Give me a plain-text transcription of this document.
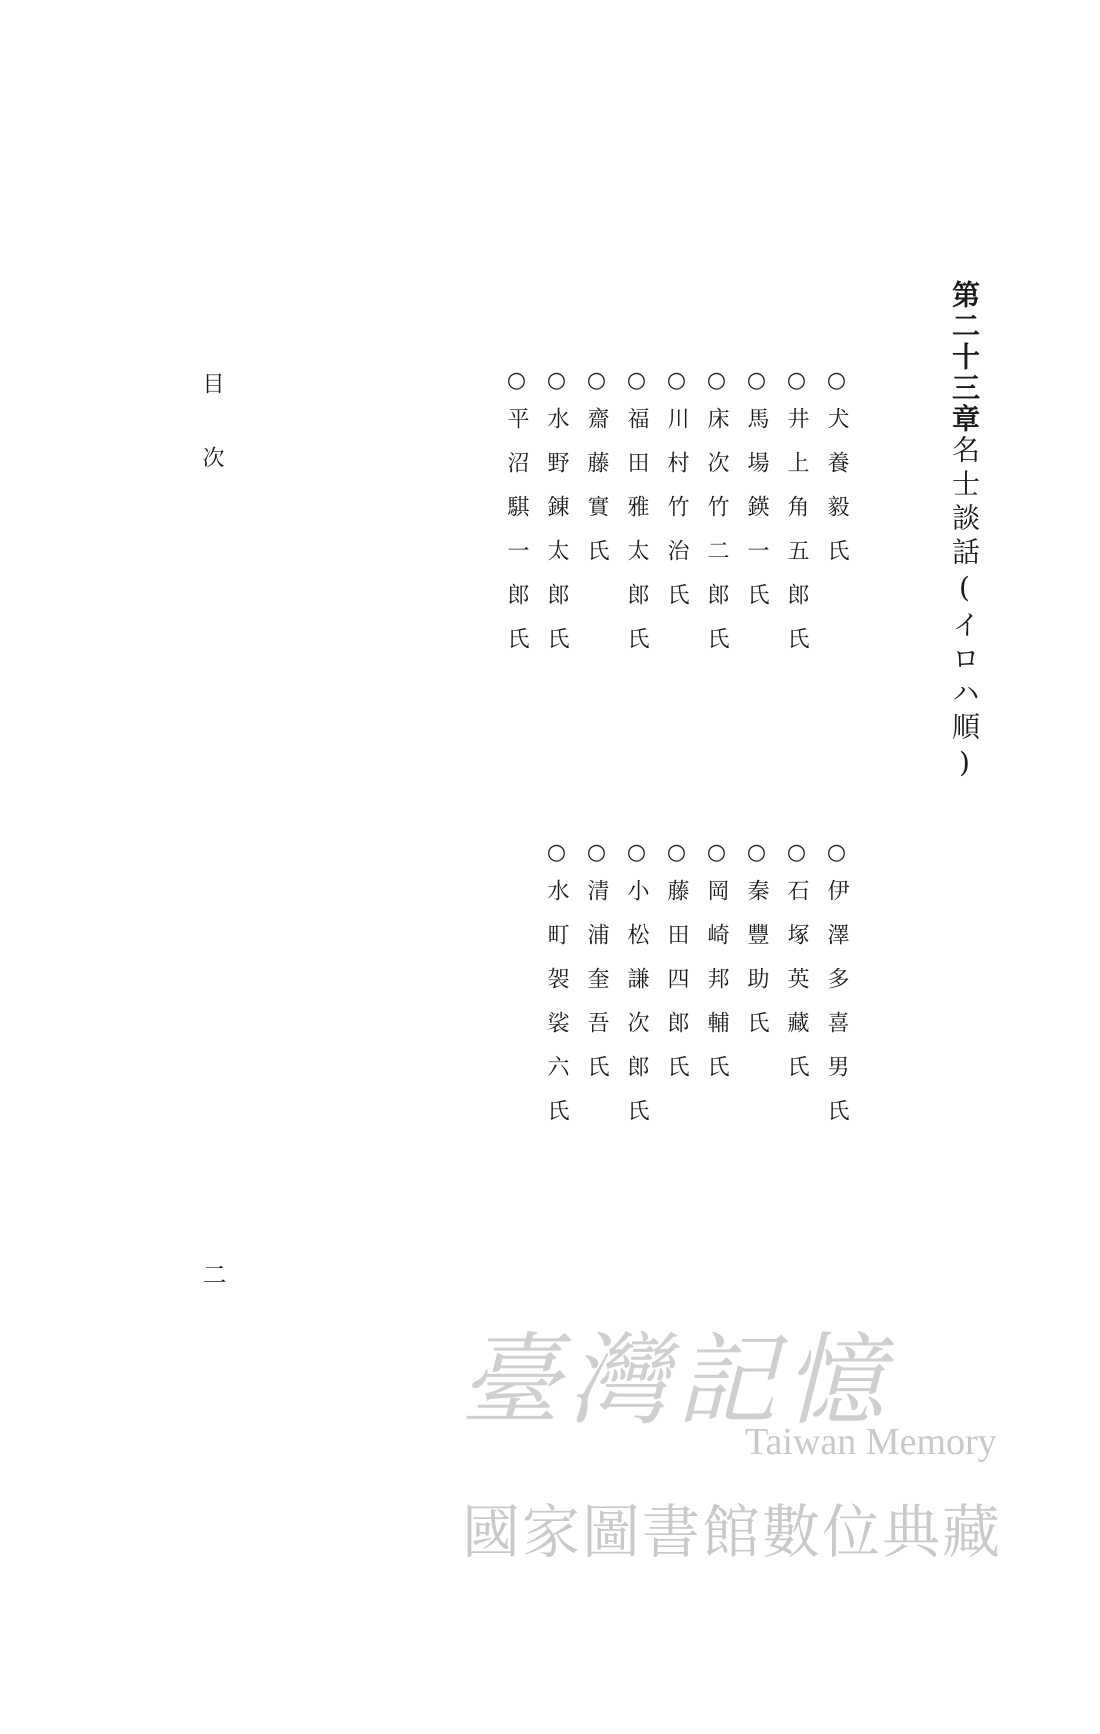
目次
二
第二十三章名士談話(イロハ順)
○犬養毅氏
○井上角五郎氏
○馬場鍈一氏
○床次竹二郎氏
○川村竹治氏
○福田雅太郎氏
○齋藤實氏
○水野錬太郎氏
○平沼騏一郎氏
○伊澤多喜男氏
○石塚英藏氏
○秦豐助氏
○岡崎邦輔氏
○藤田四郎氏
○小松謙次郎氏
○清浦奎吾氏
○水町袈裟六氏
臺灣記憶
Taiwan Memory
國家圖書館數位典藏
